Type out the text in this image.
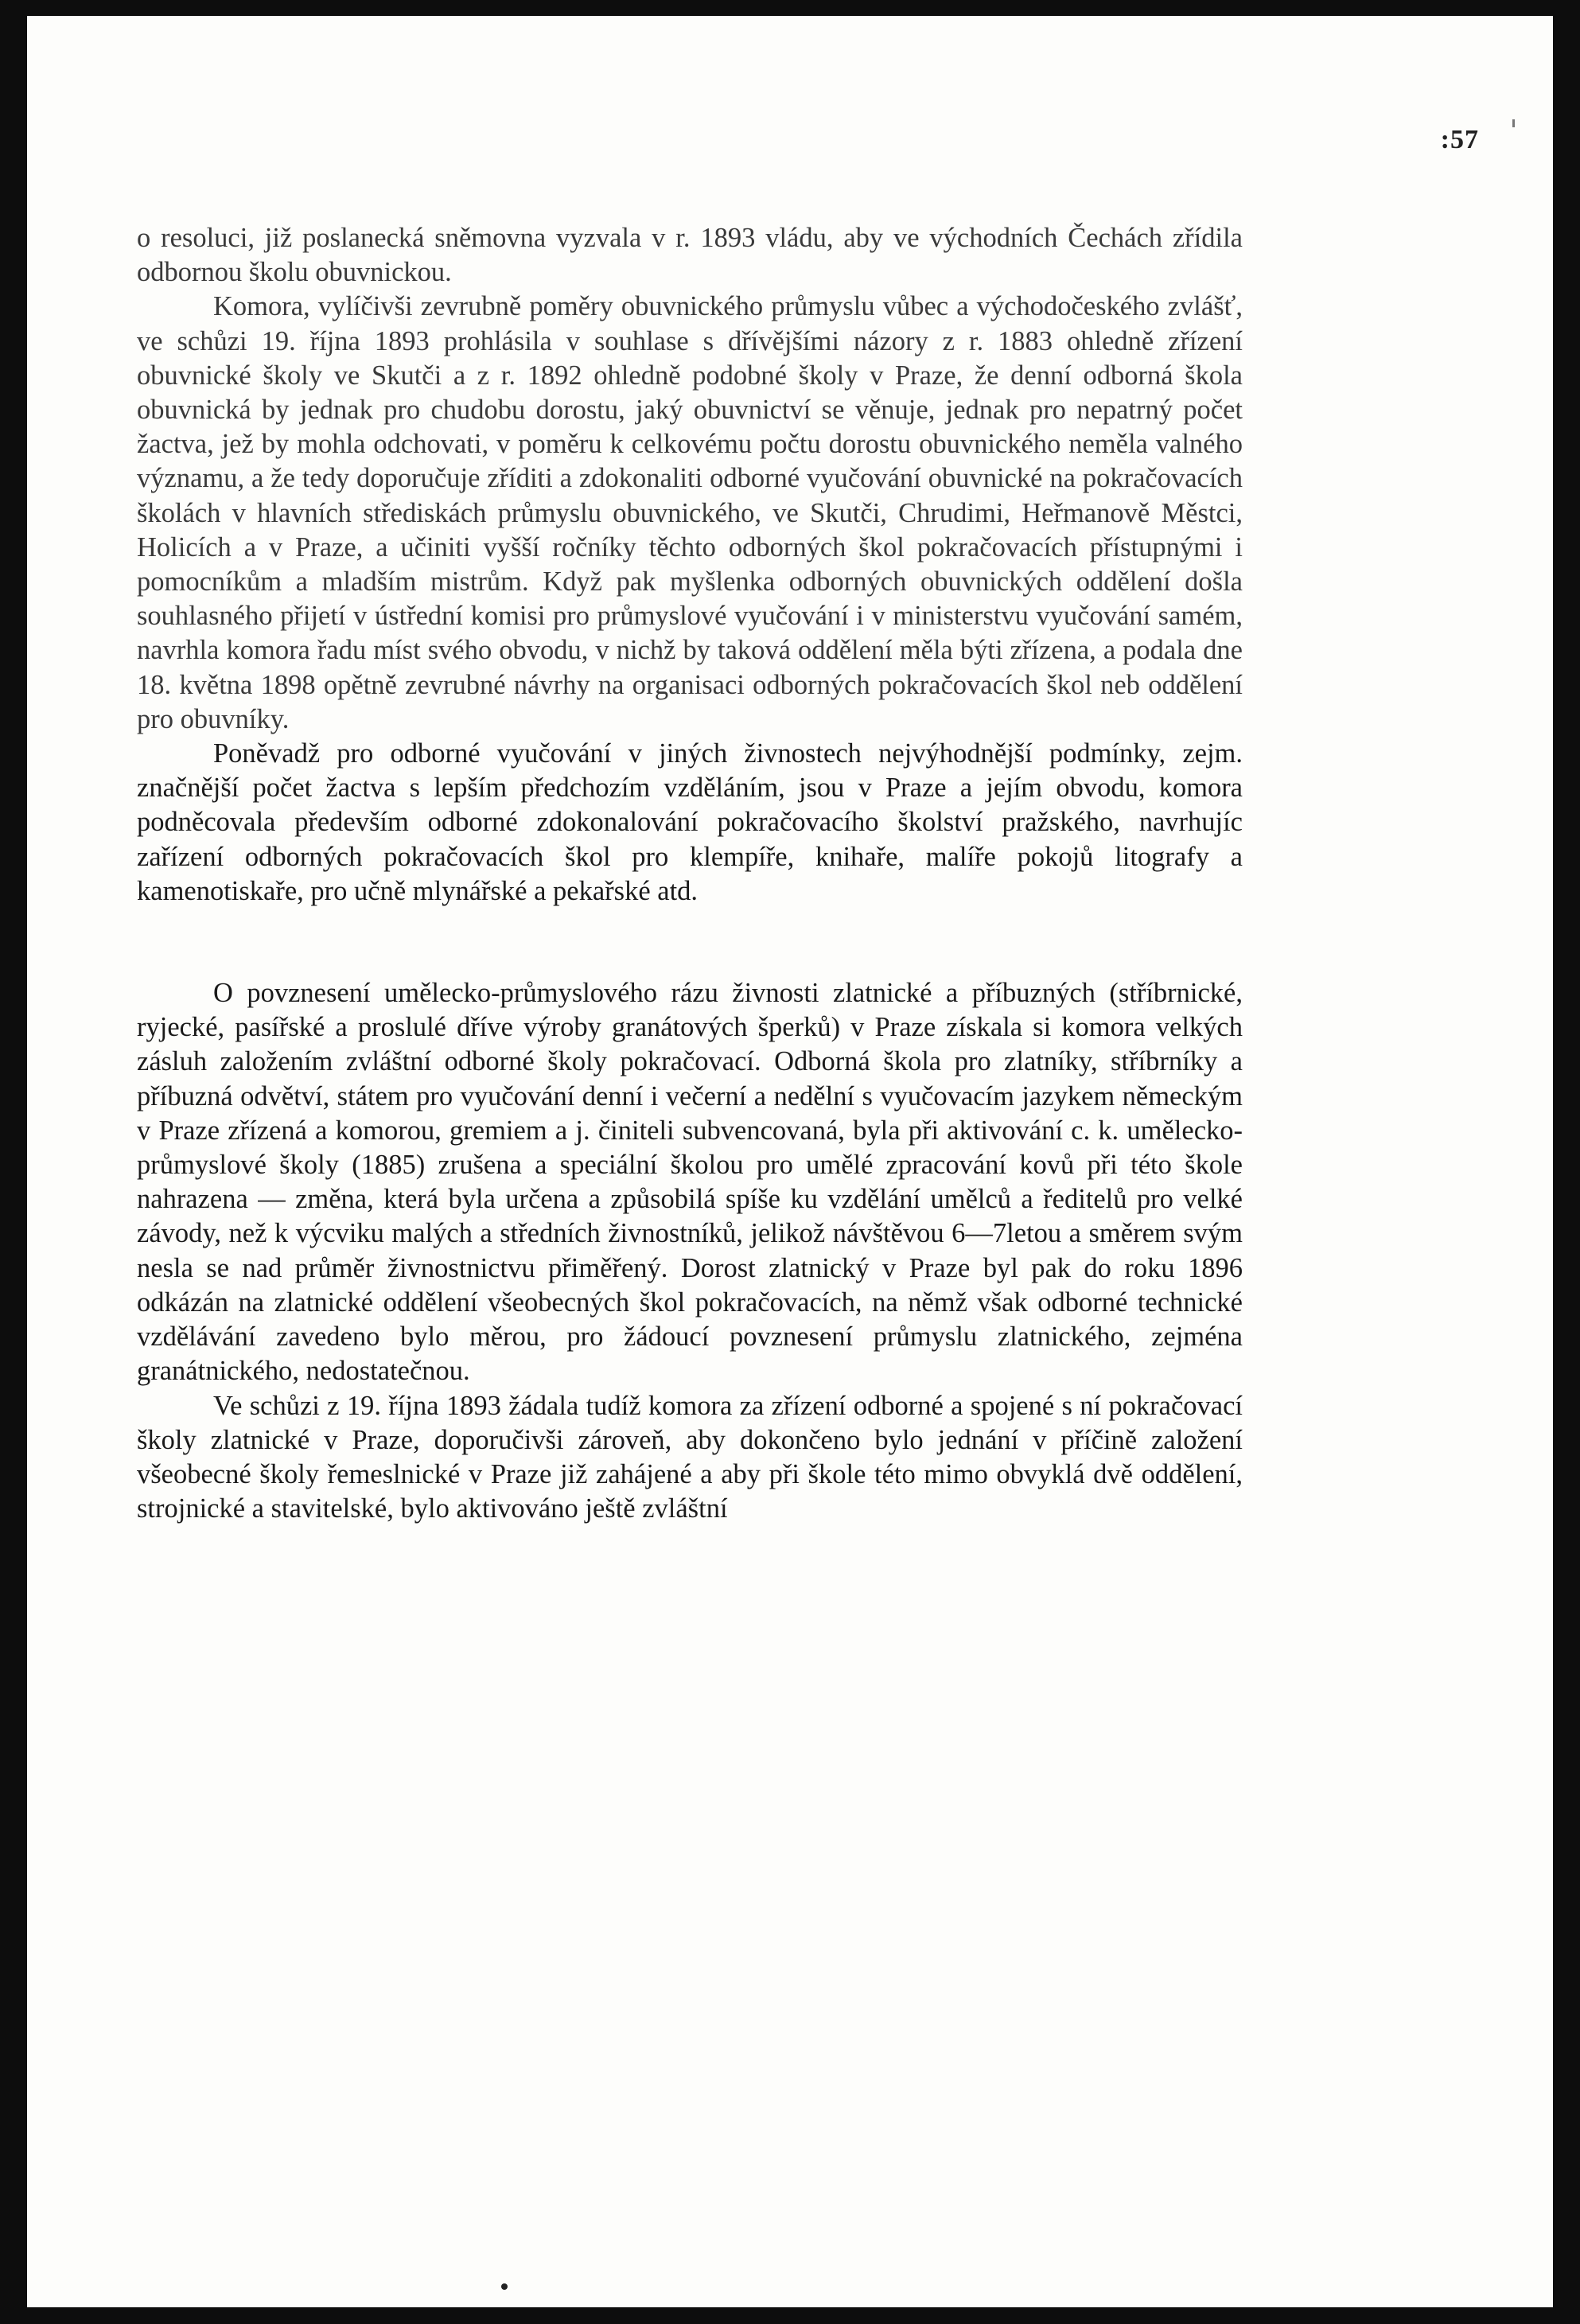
:57

o resoluci, již poslanecká sněmovna vyzvala v r. 1893 vládu, aby ve východních Čechách zřídila odbornou školu obuvnickou.

Komora, vylíčivši zevrubně poměry obuvnického průmyslu vůbec a východočeského zvlášť, ve schůzi 19. října 1893 prohlásila v souhlase s dřívějšími názory z r. 1883 ohledně zřízení obuvnické školy ve Skutči a z r. 1892 ohledně podobné školy v Praze, že denní odborná škola obuvnická by jednak pro chudobu dorostu, jaký obuvnictví se věnuje, jednak pro nepatrný počet žactva, jež by mohla odchovati, v poměru k celkovému počtu dorostu obuvnického neměla valného významu, a že tedy doporučuje zříditi a zdokonaliti odborné vyučování obuvnické na pokračovacích školách v hlavních střediskách průmyslu obuvnického, ve Skutči, Chrudimi, Heřmanově Městci, Holicích a v Praze, a učiniti vyšší ročníky těchto odborných škol pokračovacích přístupnými i pomocníkům a mladším mistrům. Když pak myšlenka odborných obuvnických oddělení došla souhlasného přijetí v ústřední komisi pro průmyslové vyučování i v ministerstvu vyučování samém, navrhla komora řadu míst svého obvodu, v nichž by taková oddělení měla býti zřízena, a podala dne 18. května 1898 opětně zevrubné návrhy na organisaci odborných pokračovacích škol neb oddělení pro obuvníky.

Poněvadž pro odborné vyučování v jiných živnostech nejvýhodnější podmínky, zejm. značnější počet žactva s lepším předchozím vzděláním, jsou v Praze a jejím obvodu, komora podněcovala především odborné zdokonalování pokračovacího školství pražského, navrhujíc zařízení odborných pokračovacích škol pro klempíře, knihaře, malíře pokojů litografy a kamenotiskaře, pro učně mlynářské a pekařské atd.

O povznesení umělecko-průmyslového rázu živnosti zlatnické a příbuzných (stříbrnické, ryjecké, pasířské a proslulé dříve výroby granátových šperků) v Praze získala si komora velkých zásluh založením zvláštní odborné školy pokračovací. Odborná škola pro zlatníky, stříbrníky a příbuzná odvětví, státem pro vyučování denní i večerní a nedělní s vyučovacím jazykem německým v Praze zřízená a komorou, gremiem a j. činiteli subvencovaná, byla při aktivování c. k. umělecko-průmyslové školy (1885) zrušena a speciální školou pro umělé zpracování kovů při této škole nahrazena — změna, která byla určena a způsobilá spíše ku vzdělání umělců a ředitelů pro velké závody, než k výcviku malých a středních živnostníků, jelikož návštěvou 6—7letou a směrem svým nesla se nad průměr živnostnictvu přiměřený. Dorost zlatnický v Praze byl pak do roku 1896 odkázán na zlatnické oddělení všeobecných škol pokračovacích, na němž však odborné technické vzdělávání zavedeno bylo měrou, pro žádoucí povznesení průmyslu zlatnického, zejména granátnického, nedostatečnou.

Ve schůzi z 19. října 1893 žádala tudíž komora za zřízení odborné a spojené s ní pokračovací školy zlatnické v Praze, doporučivši zároveň, aby dokončeno bylo jednání v příčině založení všeobecné školy řemeslnické v Praze již zahájené a aby při škole této mimo obvyklá dvě oddělení, strojnické a stavitelské, bylo aktivováno ještě zvláštní
